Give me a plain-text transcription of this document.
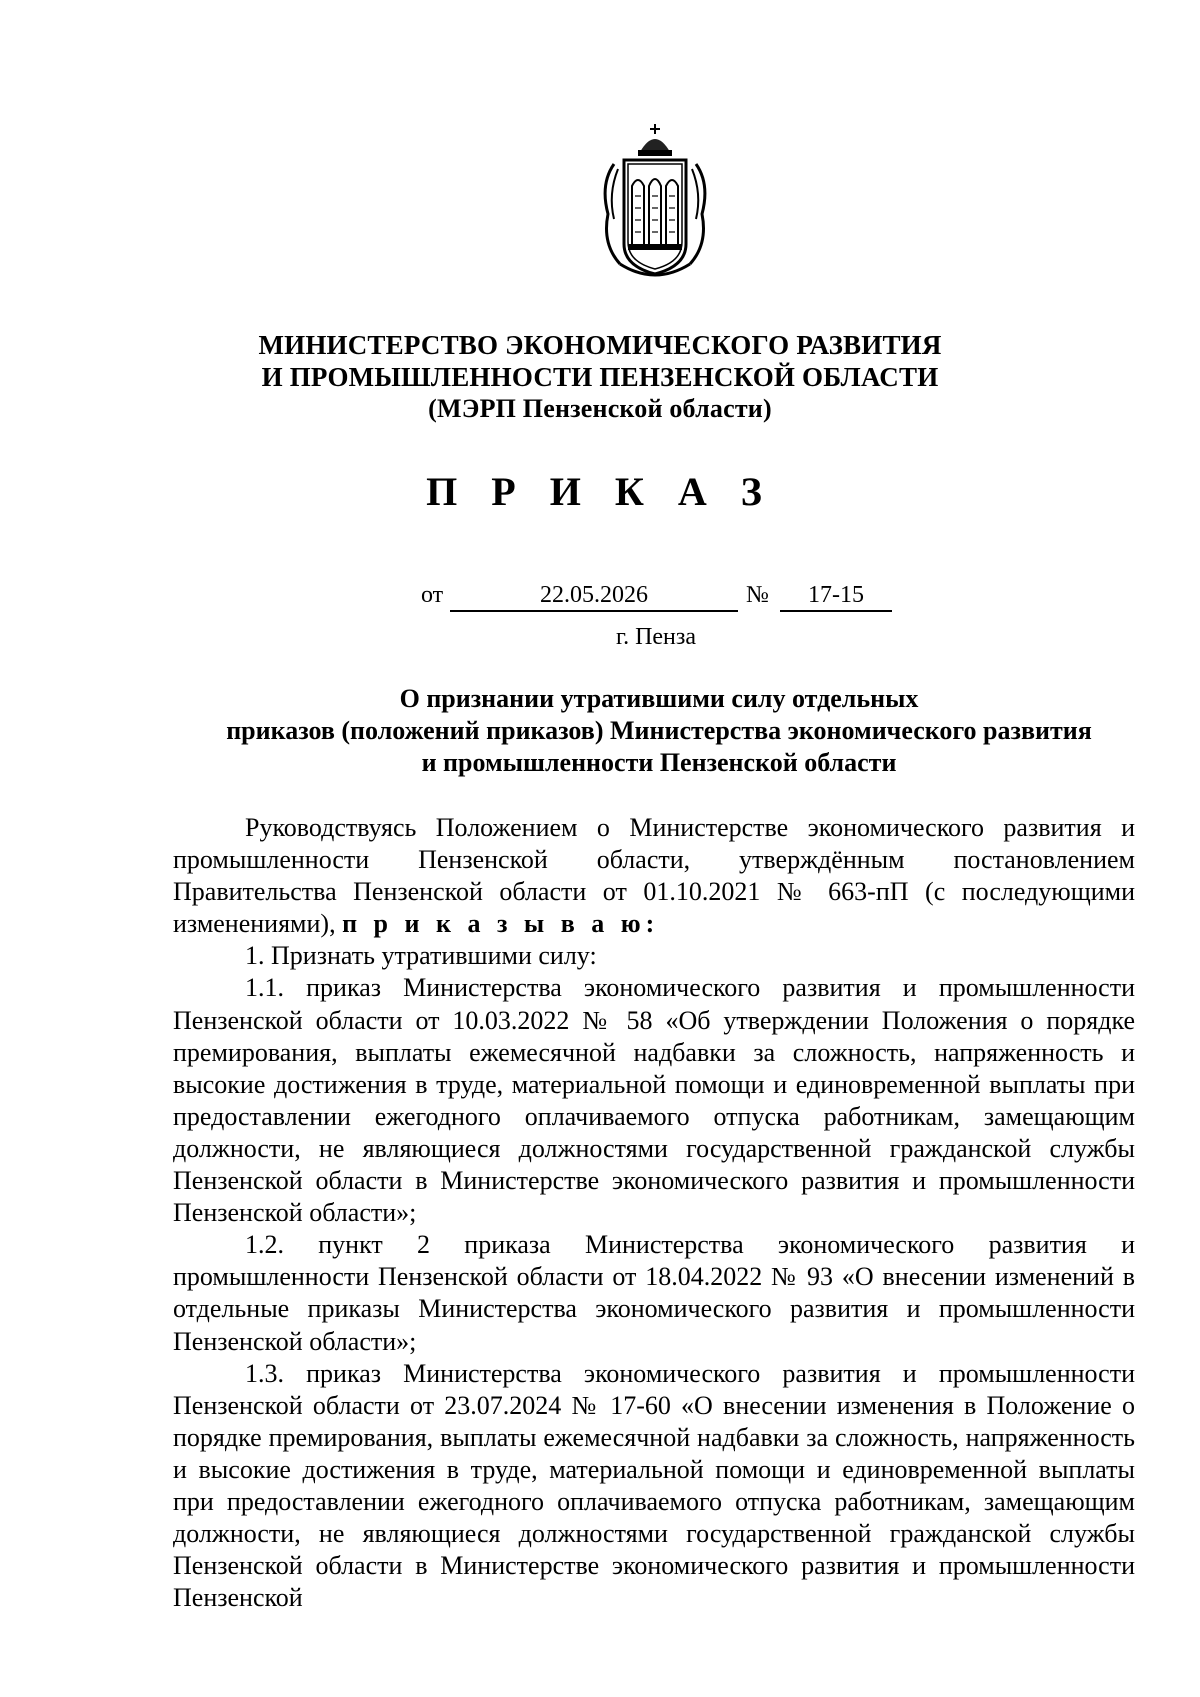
МИНИСТЕРСТВО ЭКОНОМИЧЕСКОГО РАЗВИТИЯ
И ПРОМЫШЛЕННОСТИ ПЕНЗЕНСКОЙ ОБЛАСТИ
(МЭРП Пензенской области)
П Р И К А З
от	22.05.2026	№	17-15
г. Пенза
О признании утратившими силу отдельных
приказов (положений приказов) Министерства экономического развития
и промышленности Пензенской области

Руководствуясь Положением о Министерстве экономического развития и промышленности Пензенской области, утверждённым постановлением Правительства Пензенской области от 01.10.2021 № 663-пП (с последующими изменениями), п р и к а з ы в а ю:

1. Признать утратившими силу:

1.1. приказ Министерства экономического развития и промышленности Пензенской области от 10.03.2022 № 58 «Об утверждении Положения о порядке премирования, выплаты ежемесячной надбавки за сложность, напряженность и высокие достижения в труде, материальной помощи и единовременной выплаты при предоставлении ежегодного оплачиваемого отпуска работникам, замещающим должности, не являющиеся должностями государственной гражданской службы Пензенской области в Министерстве экономического развития и промышленности Пензенской области»;

1.2. пункт 2 приказа Министерства экономического развития и промышленности Пензенской области от 18.04.2022 № 93 «О внесении изменений в отдельные приказы Министерства экономического развития и промышленности Пензенской области»;

1.3. приказ Министерства экономического развития и промышленности Пензенской области от 23.07.2024 № 17-60 «О внесении изменения в Положение о порядке премирования, выплаты ежемесячной надбавки за сложность, напряженность и высокие достижения в труде, материальной помощи и единовременной выплаты при предоставлении ежегодного оплачиваемого отпуска работникам, замещающим должности, не являющиеся должностями государственной гражданской службы Пензенской области в Министерстве экономического развития и промышленности Пензенской
